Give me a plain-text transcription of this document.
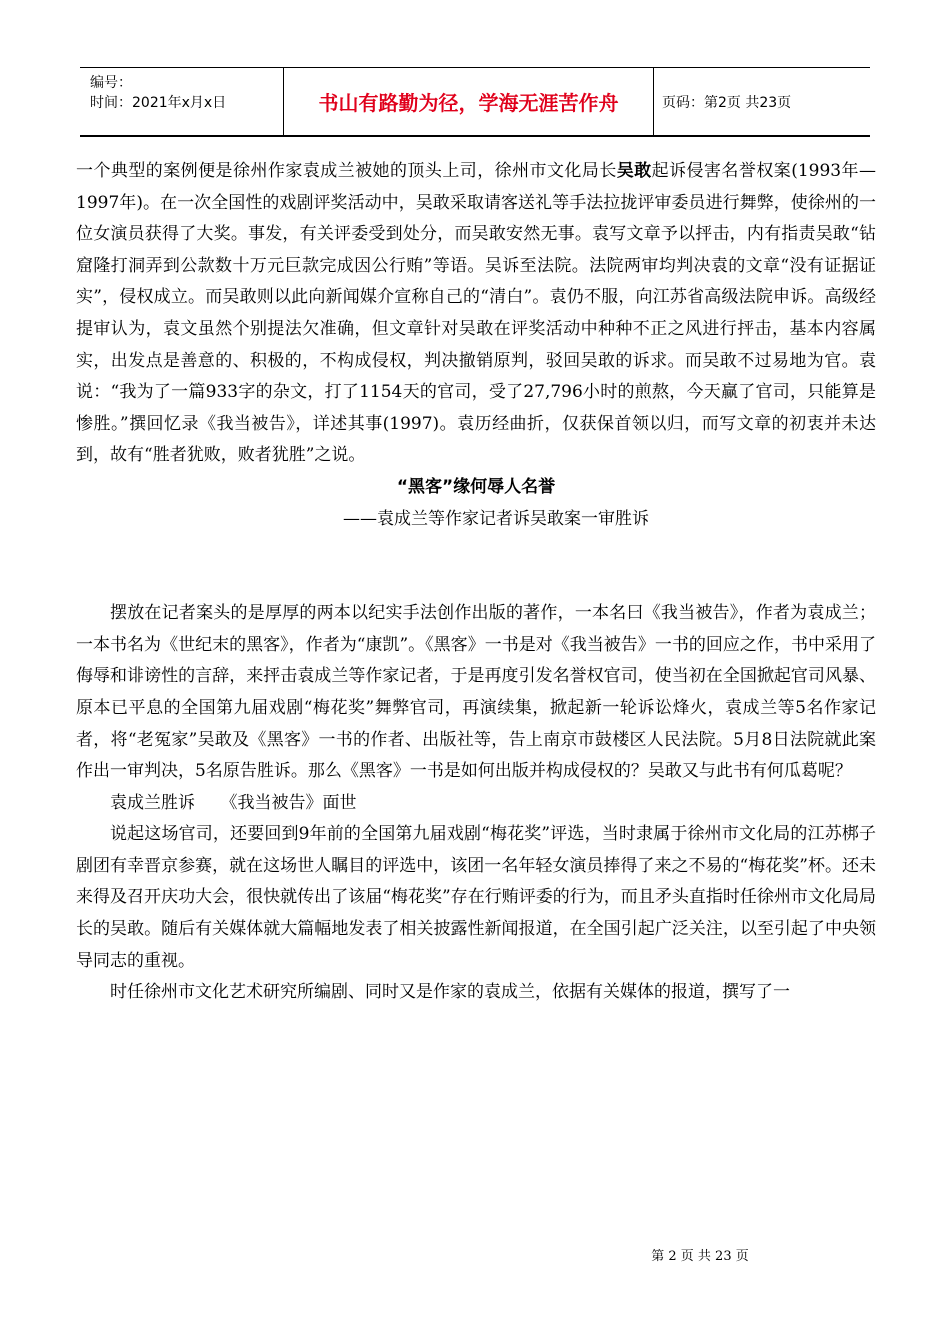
编号：
时间：2021年x月x日	书山有路勤为径，学海无涯苦作舟	页码：第2页 共23页

一个典型的案例便是徐州作家袁成兰被她的顶头上司，徐州市文化局长吴敢起诉侵害名誉权案(1993年—1997年)。在一次全国性的戏剧评奖活动中，吴敢采取请客送礼等手法拉拢评审委员进行舞弊，使徐州的一位女演员获得了大奖。事发，有关评委受到处分，而吴敢安然无事。袁写文章予以抨击，内有指责吴敢“钻窟隆打洞弄到公款数十万元巨款完成因公行贿”等语。吴诉至法院。法院两审均判决袁的文章“没有证据证实”，侵权成立。而吴敢则以此向新闻媒介宣称自己的“清白”。袁仍不服，向江苏省高级法院申诉。高级经提审认为，袁文虽然个别提法欠准确，但文章针对吴敢在评奖活动中种种不正之风进行抨击，基本内容属实，出发点是善意的、积极的，不构成侵权，判决撤销原判，驳回吴敢的诉求。而吴敢不过易地为官。袁说：“我为了一篇933字的杂文，打了1154天的官司，受了27,796小时的煎熬，今天赢了官司，只能算是惨胜。”撰回忆录《我当被告》，详述其事(1997)。袁历经曲折，仅获保首领以归，而写文章的初衷并未达到，故有“胜者犹败，败者犹胜”之说。

“黑客”缘何辱人名誉

——袁成兰等作家记者诉吴敢案一审胜诉

摆放在记者案头的是厚厚的两本以纪实手法创作出版的著作，一本名曰《我当被告》，作者为袁成兰；一本书名为《世纪末的黑客》，作者为“康凯”。《黑客》一书是对《我当被告》一书的回应之作，书中采用了侮辱和诽谤性的言辞，来抨击袁成兰等作家记者，于是再度引发名誉权官司，使当初在全国掀起官司风暴、原本已平息的全国第九届戏剧“梅花奖”舞弊官司，再演续集，掀起新一轮诉讼烽火，袁成兰等5名作家记者，将“老冤家”吴敢及《黑客》一书的作者、出版社等，告上南京市鼓楼区人民法院。5月8日法院就此案作出一审判决，5名原告胜诉。那么《黑客》一书是如何出版并构成侵权的？吴敢又与此书有何瓜葛呢？

袁成兰胜诉　　《我当被告》面世

说起这场官司，还要回到9年前的全国第九届戏剧“梅花奖”评选，当时隶属于徐州市文化局的江苏梆子剧团有幸晋京参赛，就在这场世人瞩目的评选中，该团一名年轻女演员捧得了来之不易的“梅花奖”杯。还未来得及召开庆功大会，很快就传出了该届“梅花奖”存在行贿评委的行为，而且矛头直指时任徐州市文化局局长的吴敢。随后有关媒体就大篇幅地发表了相关披露性新闻报道，在全国引起广泛关注，以至引起了中央领导同志的重视。

时任徐州市文化艺术研究所编剧、同时又是作家的袁成兰，依据有关媒体的报道，撰写了一

第 2 页 共 23 页
